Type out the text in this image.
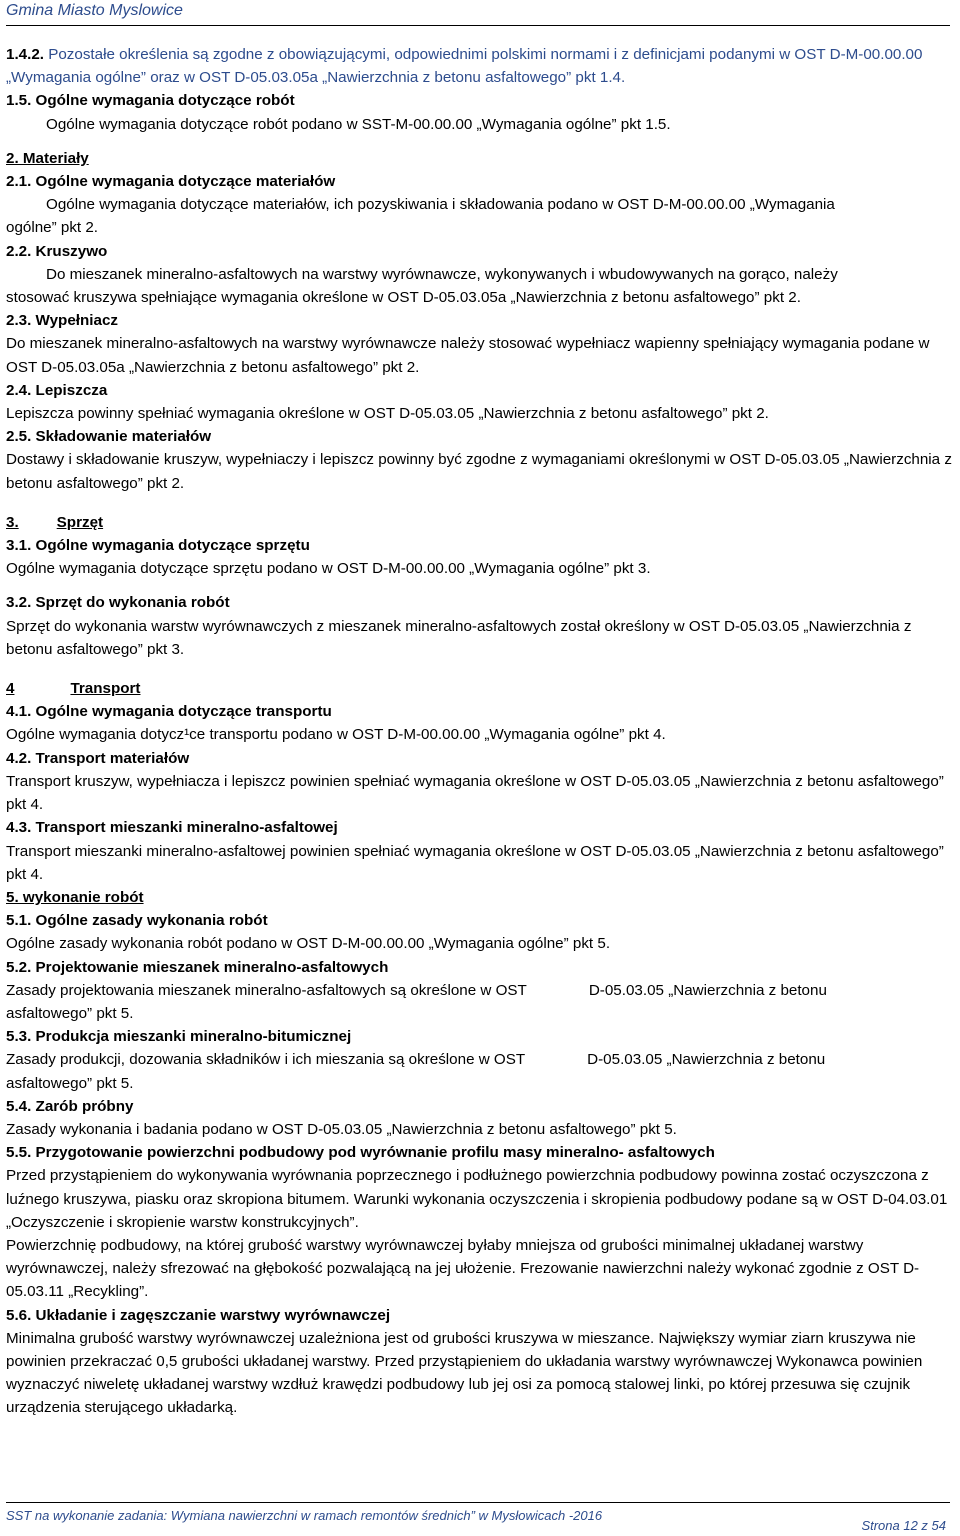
Gmina Miasto Myslowice

1.4.2. Pozostałe określenia są zgodne z obowiązującymi, odpowiednimi polskimi normami i z definicjami podanymi w OST D-M-00.00.00 „Wymagania ogólne” oraz w OST D-05.03.05a „Nawierzchnia z betonu asfaltowego” pkt 1.4.

1.5. Ogólne wymagania dotyczące robót

Ogólne wymagania dotyczące robót podano w SST-M-00.00.00 „Wymagania ogólne” pkt 1.5.

2. Materiały

2.1. Ogólne wymagania dotyczące materiałów

Ogólne wymagania dotyczące materiałów, ich pozyskiwania i składowania podano w OST D-M-00.00.00 „Wymagania

ogólne” pkt 2.

2.2. Kruszywo

Do mieszanek mineralno-asfaltowych na warstwy wyrównawcze, wykonywanych i wbudowywanych na gorąco, należy

stosować kruszywa spełniające wymagania określone w OST D-05.03.05a „Nawierzchnia z betonu asfaltowego” pkt 2.

2.3. Wypełniacz

Do mieszanek mineralno-asfaltowych na warstwy wyrównawcze należy stosować wypełniacz wapienny spełniający wymagania podane w OST D-05.03.05a „Nawierzchnia z betonu asfaltowego” pkt 2.

2.4. Lepiszcza

Lepiszcza powinny spełniać wymagania określone w OST D-05.03.05 „Nawierzchnia z betonu asfaltowego” pkt 2.

2.5. Składowanie materiałów

Dostawy i składowanie kruszyw, wypełniaczy i lepiszcz powinny być zgodne z wymaganiami określonymi w OST D-05.03.05 „Nawierzchnia z betonu asfaltowego” pkt 2.

3.	Sprzęt

3.1. Ogólne wymagania dotyczące sprzętu

Ogólne wymagania dotyczące sprzętu podano w OST D-M-00.00.00 „Wymagania ogólne” pkt 3.

3.2. Sprzęt do wykonania robót

Sprzęt do wykonania warstw wyrównawczych z mieszanek mineralno-asfaltowych został określony w OST D-05.03.05 „Nawierzchnia z betonu asfaltowego” pkt 3.

4	Transport

4.1. Ogólne wymagania dotyczące transportu

Ogólne wymagania dotycz¹ce transportu podano w OST D-M-00.00.00 „Wymagania ogólne” pkt 4.

4.2. Transport materiałów

Transport kruszyw, wypełniacza i lepiszcz powinien spełniać wymagania określone w OST D-05.03.05 „Nawierzchnia z betonu asfaltowego” pkt 4.

4.3. Transport mieszanki mineralno-asfaltowej

Transport mieszanki mineralno-asfaltowej powinien spełniać wymagania określone w OST D-05.03.05 „Nawierzchnia z betonu asfaltowego” pkt 4.

5. wykonanie robót

5.1. Ogólne zasady wykonania robót

Ogólne zasady wykonania robót podano w OST D-M-00.00.00 „Wymagania ogólne” pkt 5.

5.2. Projektowanie mieszanek mineralno-asfaltowych

Zasady projektowania mieszanek mineralno-asfaltowych są określone w OST	D-05.03.05 „Nawierzchnia z betonu

asfaltowego” pkt 5.

5.3. Produkcja mieszanki mineralno-bitumicznej

Zasady produkcji, dozowania składników i ich mieszania są określone w OST	D-05.03.05 „Nawierzchnia z betonu

asfaltowego” pkt 5.

5.4. Zarób próbny

Zasady wykonania i badania podano w OST D-05.03.05 „Nawierzchnia z betonu asfaltowego” pkt 5.

5.5. Przygotowanie powierzchni podbudowy pod wyrównanie profilu masy mineralno- asfaltowych

Przed przystąpieniem do wykonywania wyrównania poprzecznego i podłużnego powierzchnia podbudowy powinna zostać oczyszczona z luźnego kruszywa, piasku oraz skropiona bitumem. Warunki wykonania oczyszczenia i skropienia podbudowy podane są w OST D-04.03.01 „Oczyszczenie i skropienie warstw konstrukcyjnych”.

Powierzchnię podbudowy, na której grubość warstwy wyrównawczej byłaby mniejsza od grubości minimalnej układanej warstwy wyrównawczej, należy sfrezować na głębokość pozwalającą na jej ułożenie. Frezowanie nawierzchni należy wykonać zgodnie z OST D-05.03.11 „Recykling”.

5.6. Układanie i zagęszczanie warstwy wyrównawczej

Minimalna grubość warstwy wyrównawczej uzależniona jest od grubości kruszywa w mieszance. Największy wymiar ziarn kruszywa nie powinien przekraczać 0,5 grubości układanej warstwy. Przed przystąpieniem do układania warstwy wyrównawczej Wykonawca powinien wyznaczyć niweletę układanej warstwy wzdłuż krawędzi podbudowy lub jej osi za pomocą stalowej linki, po której przesuwa się czujnik urządzenia sterującego układarką.

SST na wykonanie zadania: Wymiana nawierzchni w ramach remontów średnich” w Mysłowicach -2016
Strona 12 z 54
